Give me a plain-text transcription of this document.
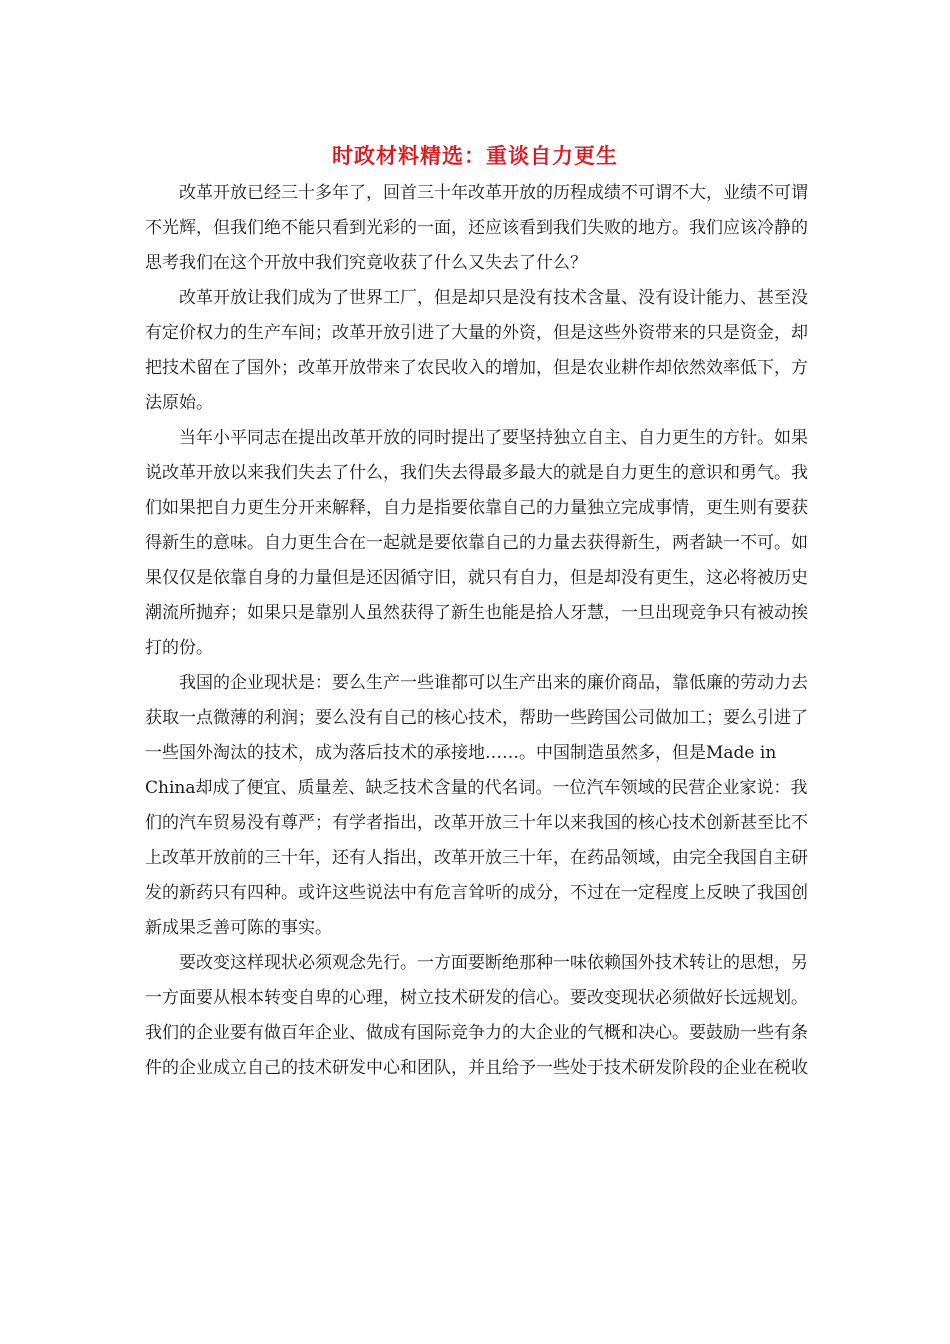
时政材料精选：重谈自力更生

改革开放已经三十多年了，回首三十年改革开放的历程成绩不可谓不大，业绩不可谓
不光辉，但我们绝不能只看到光彩的一面，还应该看到我们失败的地方。我们应该冷静的
思考我们在这个开放中我们究竟收获了什么又失去了什么？

改革开放让我们成为了世界工厂，但是却只是没有技术含量、没有设计能力、甚至没
有定价权力的生产车间；改革开放引进了大量的外资，但是这些外资带来的只是资金，却
把技术留在了国外；改革开放带来了农民收入的增加，但是农业耕作却依然效率低下，方
法原始。

当年小平同志在提出改革开放的同时提出了要坚持独立自主、自力更生的方针。如果
说改革开放以来我们失去了什么，我们失去得最多最大的就是自力更生的意识和勇气。我
们如果把自力更生分开来解释，自力是指要依靠自己的力量独立完成事情，更生则有要获
得新生的意味。自力更生合在一起就是要依靠自己的力量去获得新生，两者缺一不可。如
果仅仅是依靠自身的力量但是还因循守旧，就只有自力，但是却没有更生，这必将被历史
潮流所抛弃；如果只是靠别人虽然获得了新生也能是拾人牙慧，一旦出现竞争只有被动挨
打的份。

我国的企业现状是：要么生产一些谁都可以生产出来的廉价商品，靠低廉的劳动力去
获取一点微薄的利润；要么没有自己的核心技术，帮助一些跨国公司做加工；要么引进了
一些国外淘汰的技术，成为落后技术的承接地……。中国制造虽然多，但是Made in
China却成了便宜、质量差、缺乏技术含量的代名词。一位汽车领域的民营企业家说：我
们的汽车贸易没有尊严；有学者指出，改革开放三十年以来我国的核心技术创新甚至比不
上改革开放前的三十年，还有人指出，改革开放三十年，在药品领域，由完全我国自主研
发的新药只有四种。或许这些说法中有危言耸听的成分，不过在一定程度上反映了我国创
新成果乏善可陈的事实。

要改变这样现状必须观念先行。一方面要断绝那种一味依赖国外技术转让的思想，另
一方面要从根本转变自卑的心理，树立技术研发的信心。要改变现状必须做好长远规划。
我们的企业要有做百年企业、做成有国际竞争力的大企业的气概和决心。要鼓励一些有条
件的企业成立自己的技术研发中心和团队，并且给予一些处于技术研发阶段的企业在税收
